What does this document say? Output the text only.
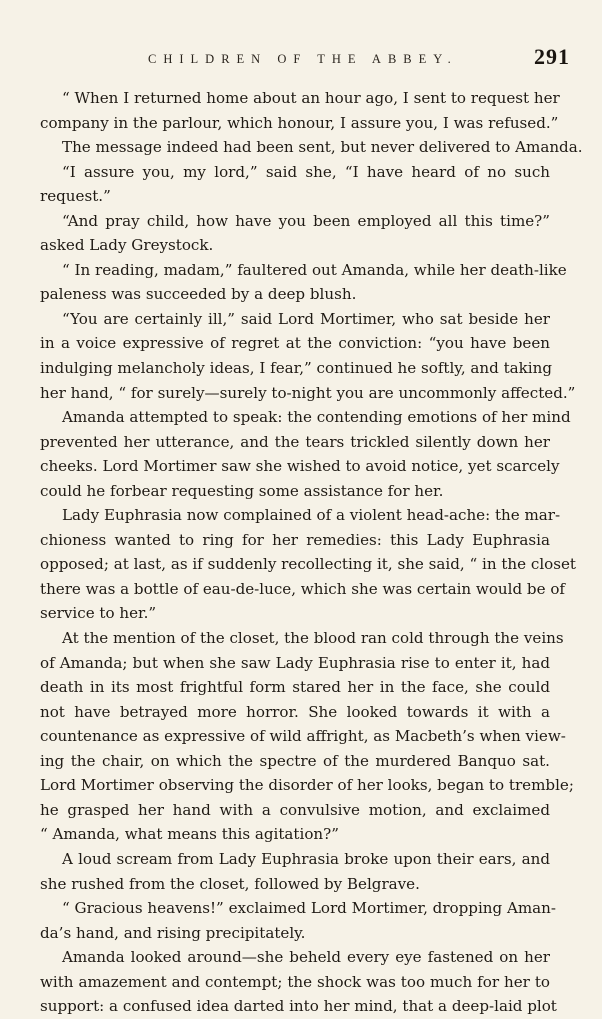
CHILDREN OF THE ABBEY.	291
“ When I returned home about an hour ago, I sent to request her
company in the parlour, which honour, I assure you, I was refused.”
The message indeed had been sent, but never delivered to Amanda.
“I assure you, my lord,” said she, “I have heard of no such
request.”
“And pray child, how have you been employed all this time?”
asked Lady Greystock.
“ In reading, madam,” faultered out Amanda, while her death-like
paleness was succeeded by a deep blush.
“You are certainly ill,” said Lord Mortimer, who sat beside her
in a voice expressive of regret at the conviction: “you have been
indulging melancholy ideas, I fear,” continued he softly, and taking
her hand, “ for surely—surely to-night you are uncommonly affected.”
Amanda attempted to speak: the contending emotions of her mind
prevented her utterance, and the tears trickled silently down her
cheeks. Lord Mortimer saw she wished to avoid notice, yet scarcely
could he forbear requesting some assistance for her.
Lady Euphrasia now complained of a violent head-ache: the mar-
chioness wanted to ring for her remedies: this Lady Euphrasia
opposed; at last, as if suddenly recollecting it, she said, “ in the closet
there was a bottle of eau-de-luce, which she was certain would be of
service to her.”
At the mention of the closet, the blood ran cold through the veins
of Amanda; but when she saw Lady Euphrasia rise to enter it, had
death in its most frightful form stared her in the face, she could
not have betrayed more horror. She looked towards it with a
countenance as expressive of wild affright, as Macbeth’s when view-
ing the chair, on which the spectre of the murdered Banquo sat.
Lord Mortimer observing the disorder of her looks, began to tremble;
he grasped her hand with a convulsive motion, and exclaimed
“ Amanda, what means this agitation?”
A loud scream from Lady Euphrasia broke upon their ears, and
she rushed from the closet, followed by Belgrave.
“ Gracious heavens!” exclaimed Lord Mortimer, dropping Aman-
da’s hand, and rising precipitately.
Amanda looked around—she beheld every eye fastened on her
with amazement and contempt; the shock was too much for her to
support: a confused idea darted into her mind, that a deep-laid plot
